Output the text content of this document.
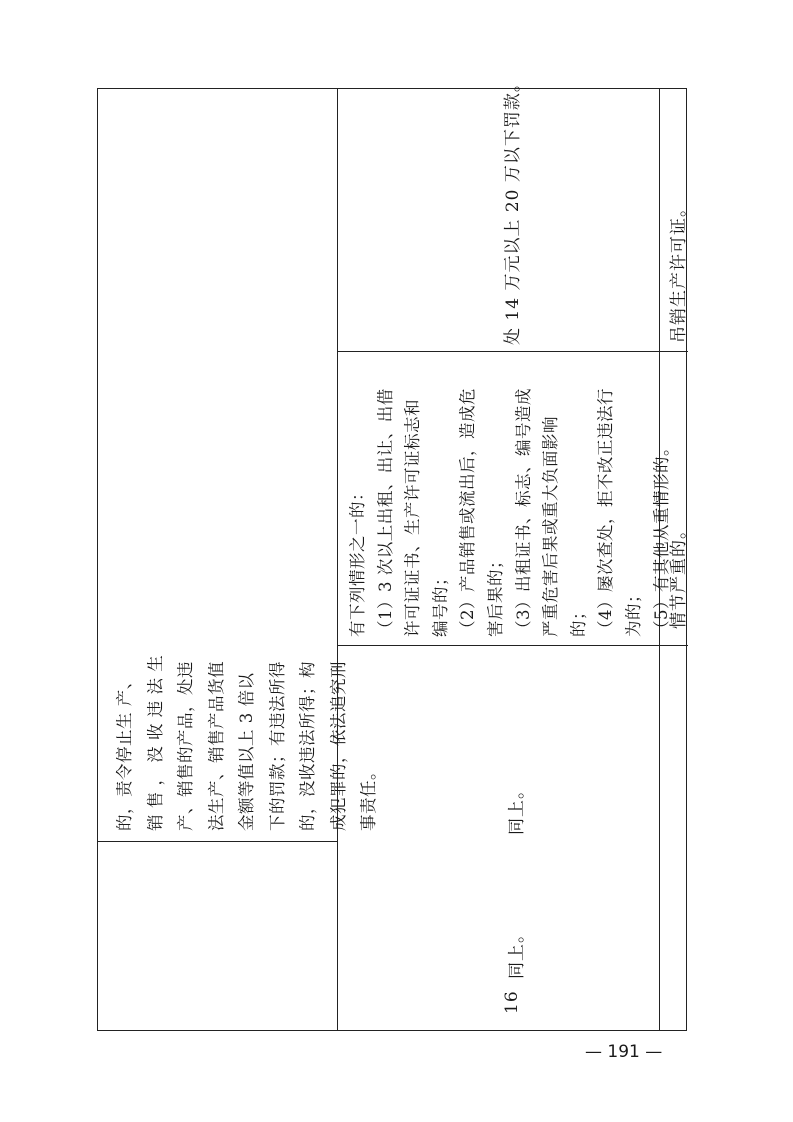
16
同上。
的，责令停止生 产、 销 售 ， 没 收 违 法 生 产、销售的产品，处违 法生产、销售产品货值 金额等值以上 3 倍以 下的罚款；有违法所得 的，没收违法所得；构 成犯罪的，依法追究刑 事责任。	同上。
有下列情形之一的： （1）3 次以上出租、出让、出借 许可证证书、生产许可证标志和 编号的； （2）产品销售或流出后，造成危 害后果的； （3）出租证书、标志、编号造成 严重危害后果或重大负面影响 的； （4）屡次查处，拒不改正违法行 为的； （5）有其他从重情形的。
处 14 万元以上 20 万以下罚款。
情节严重的。
吊销生产许可证。
— 191 —
